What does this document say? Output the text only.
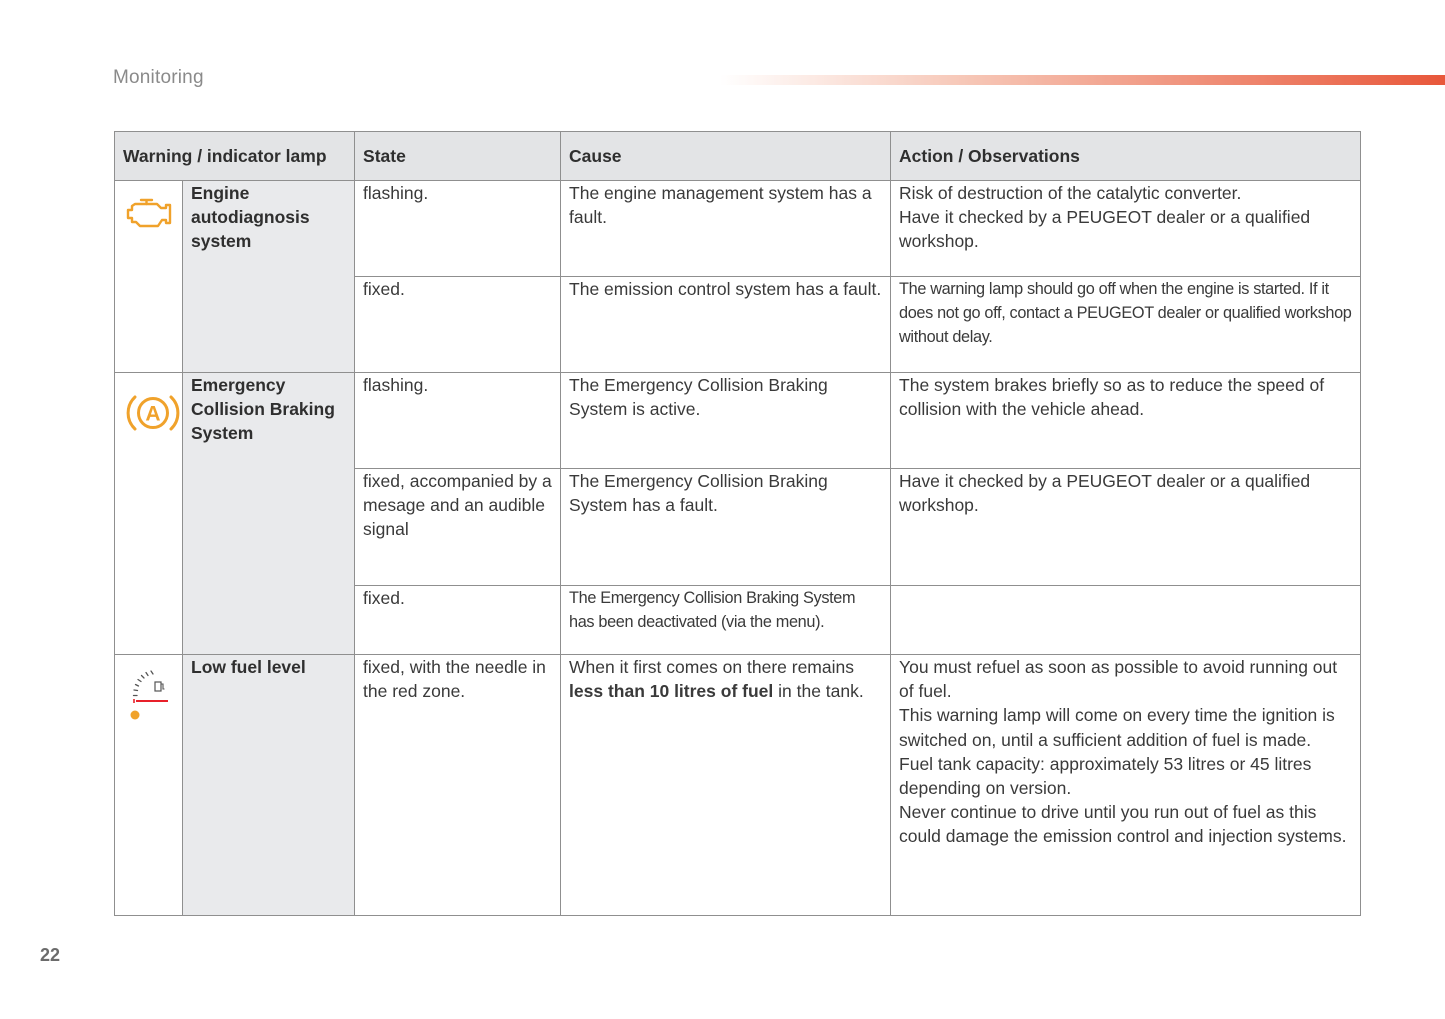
Monitoring
Warning / indicator lamp		State	Cause	Action / Observations

	Engine autodiagnosis system	flashing.	The engine management system has a fault.	Risk of destruction of the catalytic converter.
Have it checked by a PEUGEOT dealer or a qualified workshop.

		fixed.	The emission control system has a fault.	The warning lamp should go off when the engine is started. If it does not go off, contact a PEUGEOT dealer or qualified workshop without delay.

A	Emergency Collision Braking System	flashing.	The Emergency Collision Braking System is active.	The system brakes briefly so as to reduce the speed of collision with the vehicle ahead.
		fixed, accompanied by a mesage and an audible signal	The Emergency Collision Braking System has a fault.	Have it checked by a PEUGEOT dealer or a qualified workshop.
		fixed.	The Emergency Collision Braking System has been deactivated (via the menu).	

	Low fuel level	fixed, with the needle in the red zone.	When it first comes on there remains less than 10 litres of fuel in the tank.	You must refuel as soon as possible to avoid running out of fuel.
This warning lamp will come on every time the ignition is switched on, until a sufficient addition of fuel is made.
Fuel tank capacity: approximately 53 litres or 45 litres depending on version.
Never continue to drive until you run out of fuel as this could damage the emission control and injection systems.
22
